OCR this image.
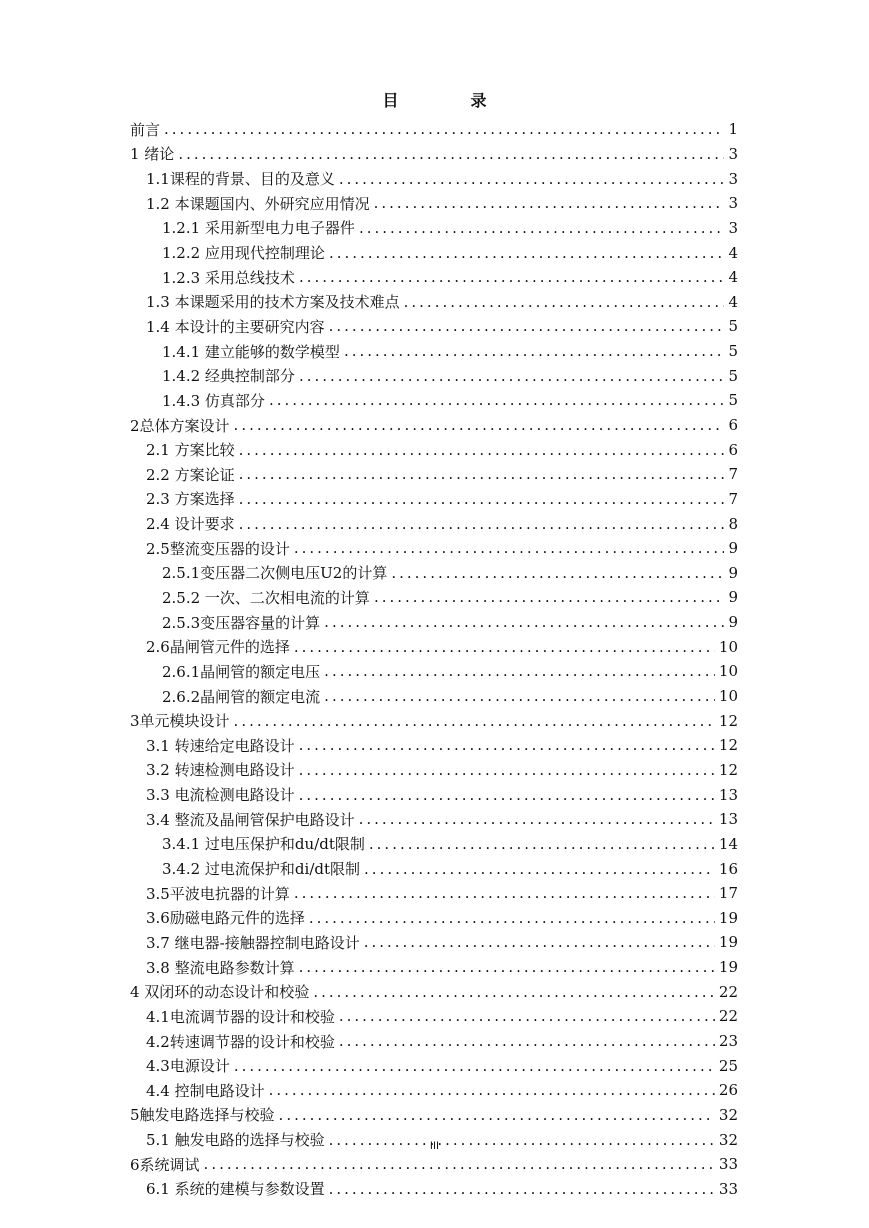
目　录
前言 .....	1
1 绪论 .....	3
1.1课程的背景、目的及意义 .....	3
1.2 本课题国内、外研究应用情况 .....	3
1.2.1 采用新型电力电子器件 .....	3
1.2.2 应用现代控制理论 .....	4
1.2.3 采用总线技术 .....	4
1.3 本课题采用的技术方案及技术难点 .....	4
1.4 本设计的主要研究内容 .....	5
1.4.1 建立能够的数学模型 .....	5
1.4.2 经典控制部分 .....	5
1.4.3 仿真部分 .....	5
2总体方案设计 .....	6
2.1 方案比较 .....	6
2.2 方案论证 .....	7
2.3 方案选择 .....	7
2.4 设计要求 .....	8
2.5整流变压器的设计 .....	9
2.5.1变压器二次侧电压U2的计算 .....	9
2.5.2 一次、二次相电流的计算 .....	9
2.5.3变压器容量的计算 .....	9
2.6晶闸管元件的选择 .....	10
2.6.1晶闸管的额定电压 .....	10
2.6.2晶闸管的额定电流 .....	10
3单元模块设计 .....	12
3.1 转速给定电路设计 .....	12
3.2 转速检测电路设计 .....	12
3.3 电流检测电路设计 .....	13
3.4 整流及晶闸管保护电路设计 .....	13
3.4.1 过电压保护和du/dt限制 .....	14
3.4.2 过电流保护和di/dt限制 .....	16
3.5平波电抗器的计算 .....	17
3.6励磁电路元件的选择 .....	19
3.7 继电器-接触器控制电路设计 .....	19
3.8 整流电路参数计算 .....	19
4 双闭环的动态设计和校验 .....	22
4.1电流调节器的设计和校验 .....	22
4.2转速调节器的设计和校验 .....	23
4.3电源设计 .....	25
4.4 控制电路设计 .....	26
5触发电路选择与校验 .....	32
5.1 触发电路的选择与校验 .....	32
6系统调试 .....	33
6.1 系统的建模与参数设置 .....	33
III
